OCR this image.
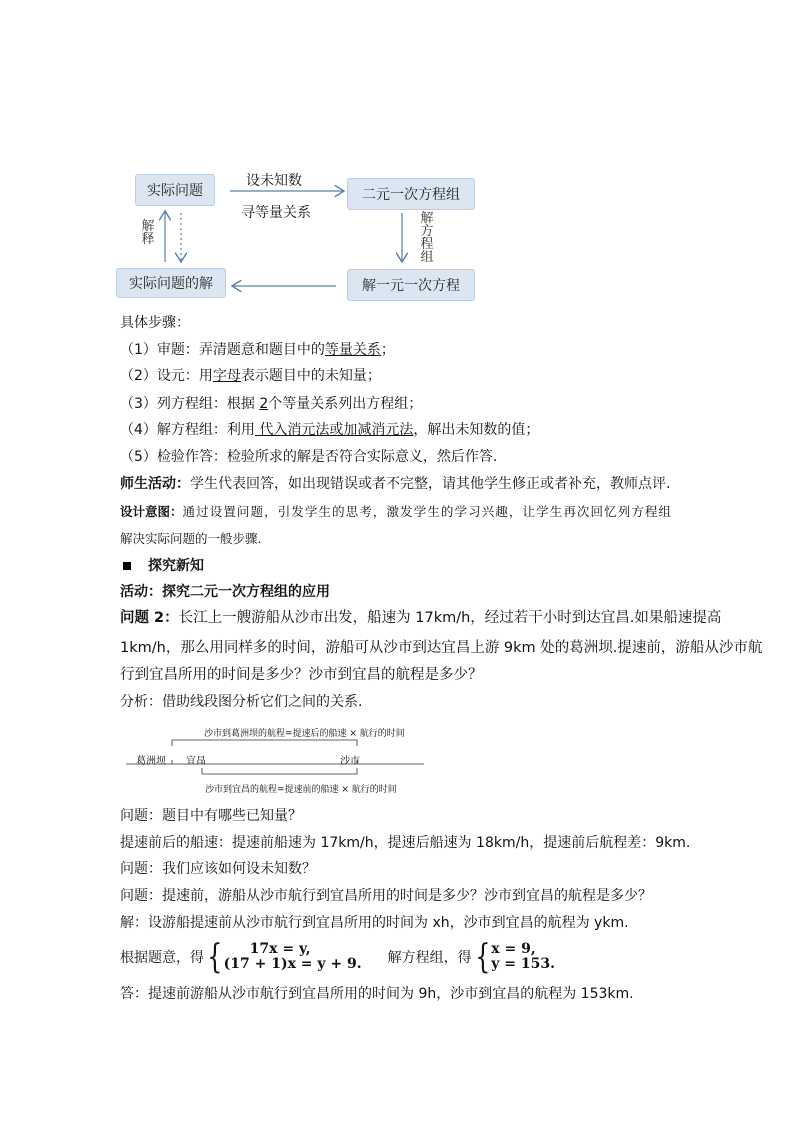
实际问题	二元一次方程组
解一元一次方程
实际问题的解
设未知数
寻等量关系	解方程组
解释
具体步骤：
（1）审题：弄清题意和题目中的等量关系；
（2）设元：用字母表示题目中的未知量；
（3）列方程组：根据 2个等量关系列出方程组；
（4）解方程组：利用 代入消元法或加减消元法，解出未知数的值；
（5）检验作答：检验所求的解是否符合实际意义，然后作答.
师生活动：学生代表回答，如出现错误或者不完整，请其他学生修正或者补充，教师点评.
设计意图：通过设置问题，引发学生的思考，激发学生的学习兴趣，让学生再次回忆列方程组
解决实际问题的一般步骤.
探究新知
活动：探究二元一次方程组的应用
问题 2：长江上一艘游船从沙市出发，船速为 17km/h，经过若干小时到达宜昌.如果船速提高
1km/h，那么用同样多的时间，游船可从沙市到达宜昌上游 9km 处的葛洲坝.提速前，游船从沙市航
行到宜昌所用的时间是多少？沙市到宜昌的航程是多少？
分析：借助线段图分析它们之间的关系.
沙市到葛洲坝的航程=提速后的船速 × 航行的时间
葛洲坝 宜昌	沙市
沙市到宜昌的航程=提速前的船速 × 航行的时间
问题：题目中有哪些已知量？
提速前后的船速：提速前船速为 17km/h，提速后船速为 18km/h，提速前后航程差：9km.
问题：我们应该如何设未知数？
问题：提速前，游船从沙市航行到宜昌所用的时间是多少？沙市到宜昌的航程是多少？
解：设游船提速前从沙市航行到宜昌所用的时间为 xh，沙市到宜昌的航程为 ykm.
根据题意，得 {	17x = y,
(17 + 1)x = y + 9. 解方程组，得 { x = 9,
y = 153.
答：提速前游船从沙市航行到宜昌所用的时间为 9h，沙市到宜昌的航程为 153km.
